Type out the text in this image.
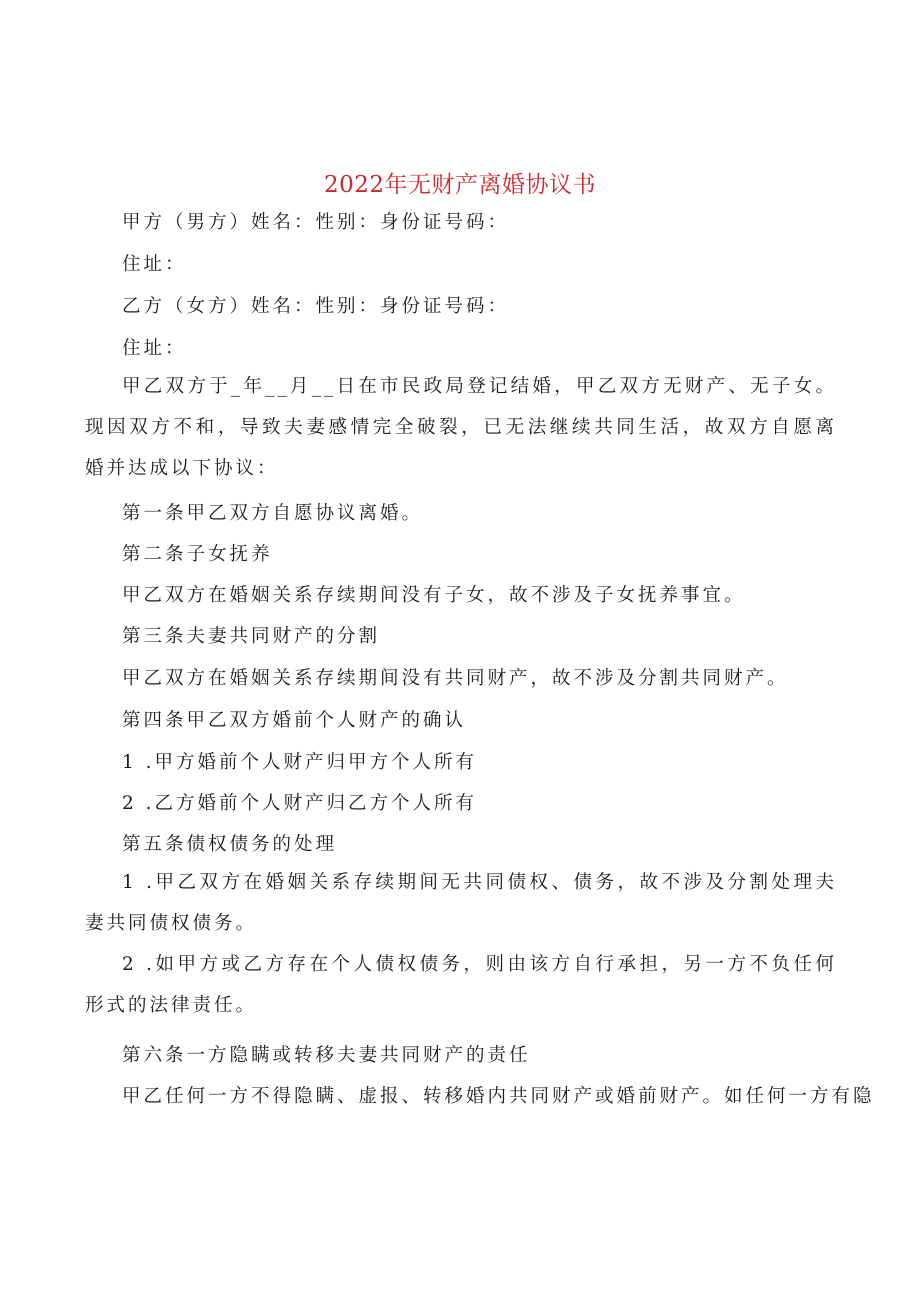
2022年无财产离婚协议书
甲方（男方）姓名：性别：身份证号码：
住址：
乙方（女方）姓名：性别：身份证号码：
住址：
甲乙双方于_年__月__日在市民政局登记结婚，甲乙双方无财产、无子女。现因双方不和，导致夫妻感情完全破裂，已无法继续共同生活，故双方自愿离婚并达成以下协议：
第一条甲乙双方自愿协议离婚。
第二条子女抚养
甲乙双方在婚姻关系存续期间没有子女，故不涉及子女抚养事宜。
第三条夫妻共同财产的分割
甲乙双方在婚姻关系存续期间没有共同财产，故不涉及分割共同财产。
第四条甲乙双方婚前个人财产的确认
1 .甲方婚前个人财产归甲方个人所有
2 .乙方婚前个人财产归乙方个人所有
第五条债权债务的处理
1 .甲乙双方在婚姻关系存续期间无共同债权、债务，故不涉及分割处理夫妻共同债权债务。
2 .如甲方或乙方存在个人债权债务，则由该方自行承担，另一方不负任何形式的法律责任。
第六条一方隐瞒或转移夫妻共同财产的责任
甲乙任何一方不得隐瞒、虚报、转移婚内共同财产或婚前财产。如任何一方有隐
